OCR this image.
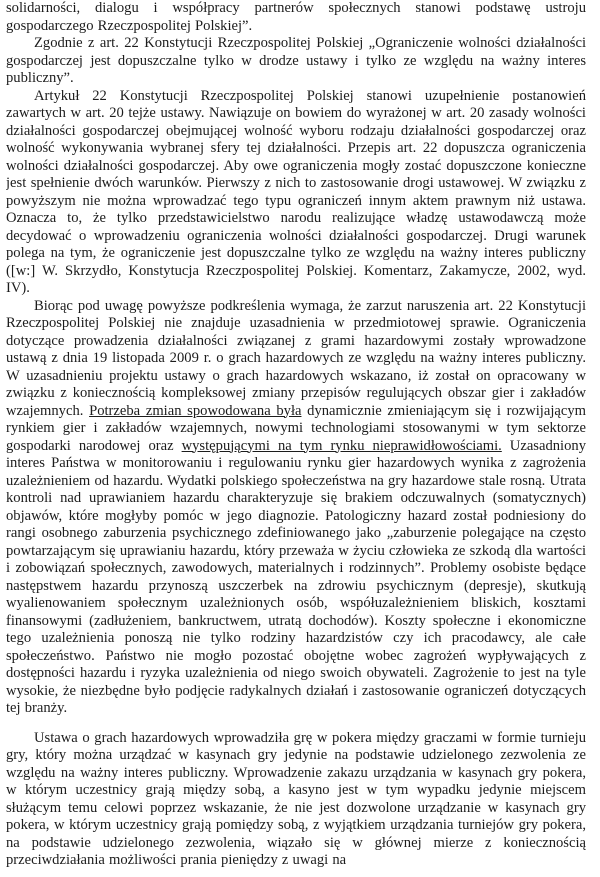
solidarności, dialogu i współpracy partnerów społecznych stanowi podstawę ustroju gospodarczego Rzeczpospolitej Polskiej”.

Zgodnie z art. 22 Konstytucji Rzeczpospolitej Polskiej „Ograniczenie wolności działalności gospodarczej jest dopuszczalne tylko w drodze ustawy i tylko ze względu na ważny interes publiczny”.

Artykuł 22 Konstytucji Rzeczpospolitej Polskiej stanowi uzupełnienie postanowień zawartych w art. 20 tejże ustawy. Nawiązuje on bowiem do wyrażonej w art. 20 zasady wolności działalności gospodarczej obejmującej wolność wyboru rodzaju działalności gospodarczej oraz wolność wykonywania wybranej sfery tej działalności. Przepis art. 22 dopuszcza ograniczenia wolności działalności gospodarczej. Aby owe ograniczenia mogły zostać dopuszczone konieczne jest spełnienie dwóch warunków. Pierwszy z nich to zastosowanie drogi ustawowej. W związku z powyższym nie można wprowadzać tego typu ograniczeń innym aktem prawnym niż ustawa. Oznacza to, że tylko przedstawicielstwo narodu realizujące władzę ustawodawczą może decydować o wprowadzeniu ograniczenia wolności działalności gospodarczej. Drugi warunek polega na tym, że ograniczenie jest dopuszczalne tylko ze względu na ważny interes publiczny ([w:] W. Skrzydło, Konstytucja Rzeczpospolitej Polskiej. Komentarz, Zakamycze, 2002, wyd. IV).

Biorąc pod uwagę powyższe podkreślenia wymaga, że zarzut naruszenia art. 22 Konstytucji Rzeczpospolitej Polskiej nie znajduje uzasadnienia w przedmiotowej sprawie. Ograniczenia dotyczące prowadzenia działalności związanej z grami hazardowymi zostały wprowadzone ustawą z dnia 19 listopada 2009 r. o grach hazardowych ze względu na ważny interes publiczny. W uzasadnieniu projektu ustawy o grach hazardowych wskazano, iż został on opracowany w związku z koniecznością kompleksowej zmiany przepisów regulujących obszar gier i zakładów wzajemnych. Potrzeba zmian spowodowana była dynamicznie zmieniającym się i rozwijającym rynkiem gier i zakładów wzajemnych, nowymi technologiami stosowanymi w tym sektorze gospodarki narodowej oraz występującymi na tym rynku nieprawidłowościami. Uzasadniony interes Państwa w monitorowaniu i regulowaniu rynku gier hazardowych wynika z zagrożenia uzależnieniem od hazardu. Wydatki polskiego społeczeństwa na gry hazardowe stale rosną. Utrata kontroli nad uprawianiem hazardu charakteryzuje się brakiem odczuwalnych (somatycznych) objawów, które mogłyby pomóc w jego diagnozie. Patologiczny hazard został podniesiony do rangi osobnego zaburzenia psychicznego zdefiniowanego jako „zaburzenie polegające na często powtarzającym się uprawianiu hazardu, który przeważa w życiu człowieka ze szkodą dla wartości i zobowiązań społecznych, zawodowych, materialnych i rodzinnych”. Problemy osobiste będące następstwem hazardu przynoszą uszczerbek na zdrowiu psychicznym (depresje), skutkują wyalienowaniem społecznym uzależnionych osób, współuzależnieniem bliskich, kosztami finansowymi (zadłużeniem, bankructwem, utratą dochodów). Koszty społeczne i ekonomiczne tego uzależnienia ponoszą nie tylko rodziny hazardzistów czy ich pracodawcy, ale całe społeczeństwo. Państwo nie mogło pozostać obojętne wobec zagrożeń wypływających z dostępności hazardu i ryzyka uzależnienia od niego swoich obywateli. Zagrożenie to jest na tyle wysokie, że niezbędne było podjęcie radykalnych działań i zastosowanie ograniczeń dotyczących tej branży.

Ustawa o grach hazardowych wprowadziła grę w pokera między graczami w formie turnieju gry, który można urządzać w kasynach gry jedynie na podstawie udzielonego zezwolenia ze względu na ważny interes publiczny. Wprowadzenie zakazu urządzania w kasynach gry pokera, w którym uczestnicy grają między sobą, a kasyno jest w tym wypadku jedynie miejscem służącym temu celowi poprzez wskazanie, że nie jest dozwolone urządzanie w kasynach gry pokera, w którym uczestnicy grają pomiędzy sobą, z wyjątkiem urządzania turniejów gry pokera, na podstawie udzielonego zezwolenia, wiązało się w głównej mierze z koniecznością przeciwdziałania możliwości prania pieniędzy z uwagi na
